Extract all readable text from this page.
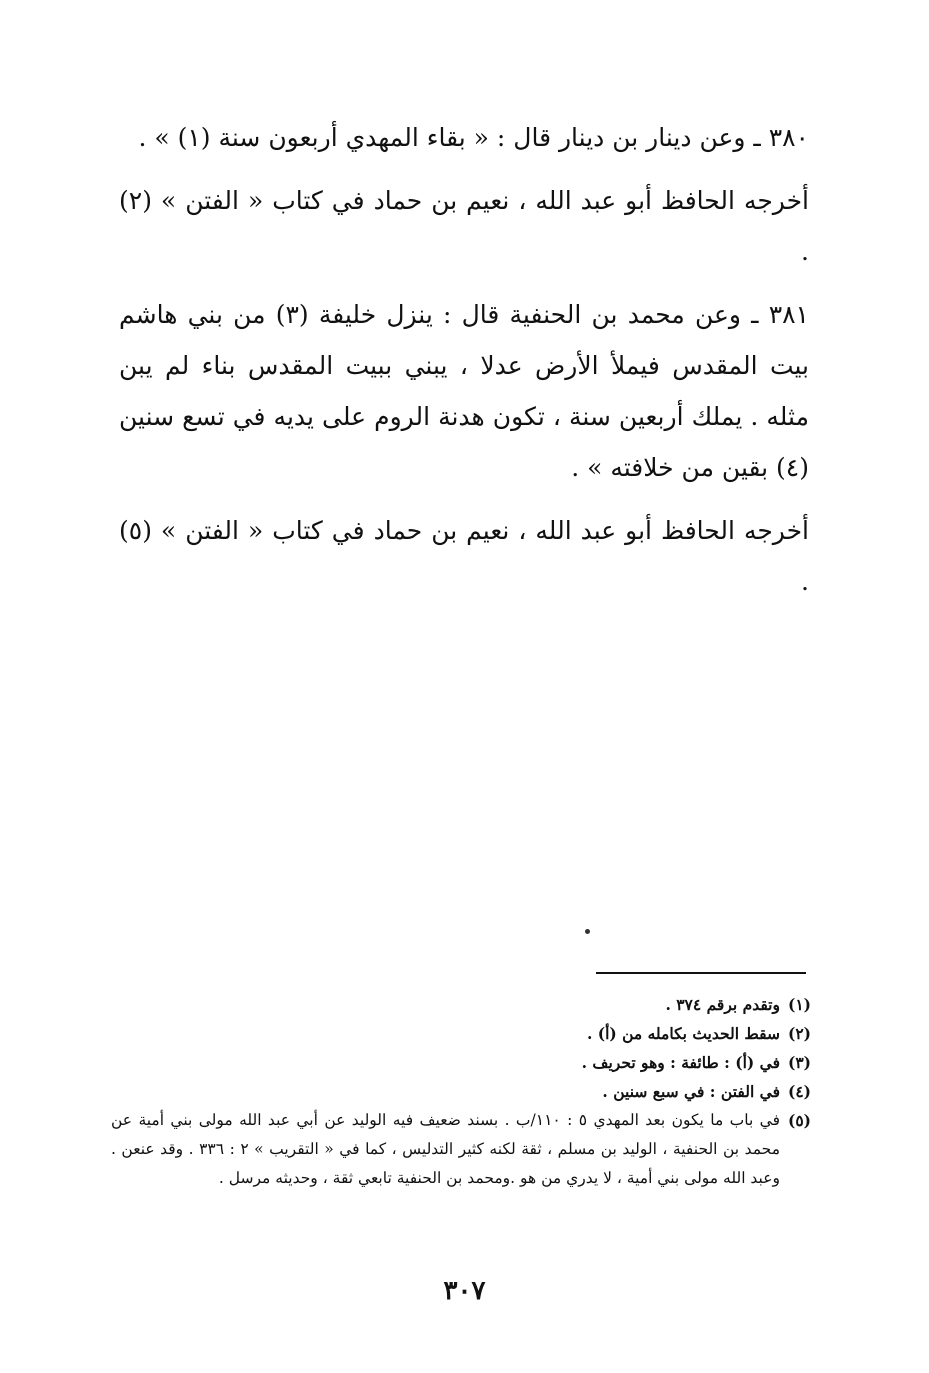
٣٨٠ ـ وعن دينار بن دينار قال : « بقاء المهدي أربعون سنة (١) » .

أخرجه الحافظ أبو عبد الله ، نعيم بن حماد في كتاب « الفتن » (٢) .

٣٨١ ـ وعن محمد بن الحنفية قال : ينزل خليفة (٣) من بني هاشم بيت المقدس فيملأ الأرض عدلا ، يبني ببيت المقدس بناء لم يبن مثله . يملك أربعين سنة ، تكون هدنة الروم على يديه في تسع سنين (٤) بقين من خلافته » .

أخرجه الحافظ أبو عبد الله ، نعيم بن حماد في كتاب « الفتن » (٥) .

(١)
وتقدم برقم ٣٧٤ .
(٢)
سقط الحديث بكامله من (أ) .
(٣)
في (أ) : طائفة : وهو تحريف .
(٤)
في الفتن : في سبع سنين .
(٥)
في باب ما يكون بعد المهدي ٥ : ١١٠/ب . بسند ضعيف فيه الوليد عن أبي عبد الله مولى بني أمية عن محمد بن الحنفية ، الوليد بن مسلم ، ثقة لكنه كثير التدليس ، كما في « التقريب » ٢ : ٣٣٦ . وقد عنعن . وعبد الله مولى بني أمية ، لا يدري من هو .ومحمد بن الحنفية تابعي ثقة ، وحديثه مرسل .
٣٠٧
